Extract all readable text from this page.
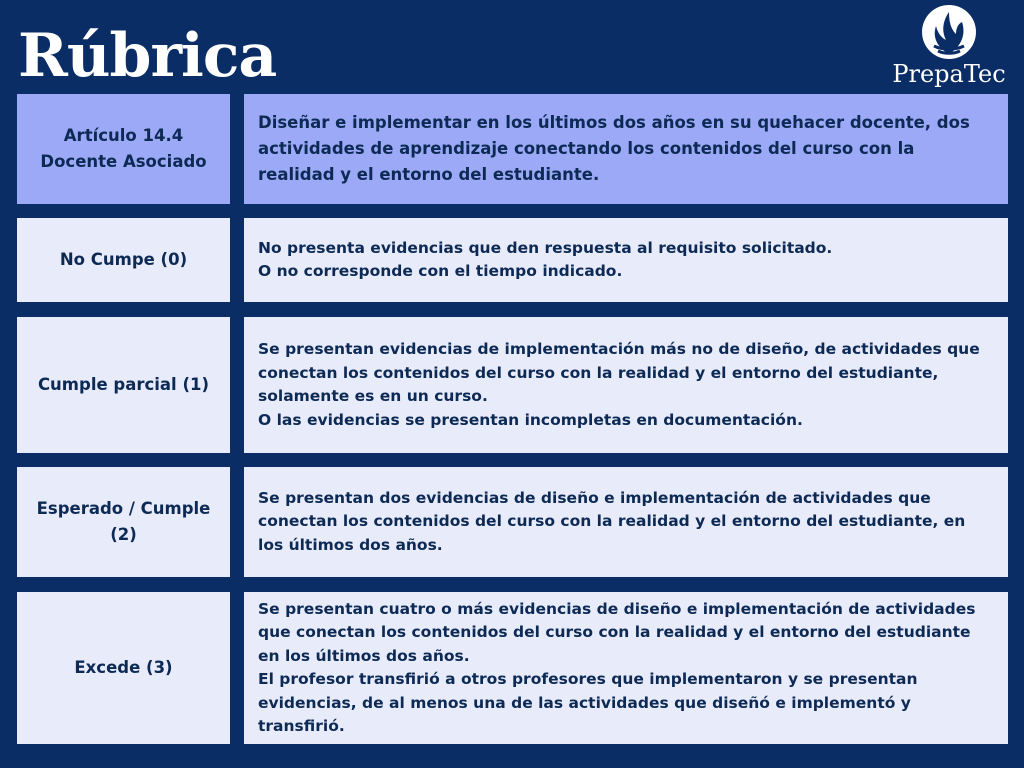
Rúbrica	PrepaTec
Artículo 14.4
Docente Asociado
Diseñar e implementar en los últimos dos años en su quehacer docente, dos actividades de aprendizaje conectando los contenidos del curso con la realidad y el entorno del estudiante.
No Cumpe (0)
No presenta evidencias que den respuesta al requisito solicitado.
O no corresponde con el tiempo indicado.
Cumple parcial (1)
Se presentan evidencias de implementación más no de diseño, de actividades que conectan los contenidos del curso con la realidad y el entorno del estudiante, solamente es en un curso.
O las evidencias se presentan incompletas en documentación.
Esperado / Cumple (2)
Se presentan dos evidencias de diseño e implementación de actividades que conectan los contenidos del curso con la realidad y el entorno del estudiante, en los últimos dos años.
Excede (3)
Se presentan cuatro o más evidencias de diseño e implementación de actividades que conectan los contenidos del curso con la realidad y el entorno del estudiante en los últimos dos años.
El profesor transfirió a otros profesores que implementaron y se presentan evidencias, de al menos una de las actividades que diseñó e implementó y transfirió.
